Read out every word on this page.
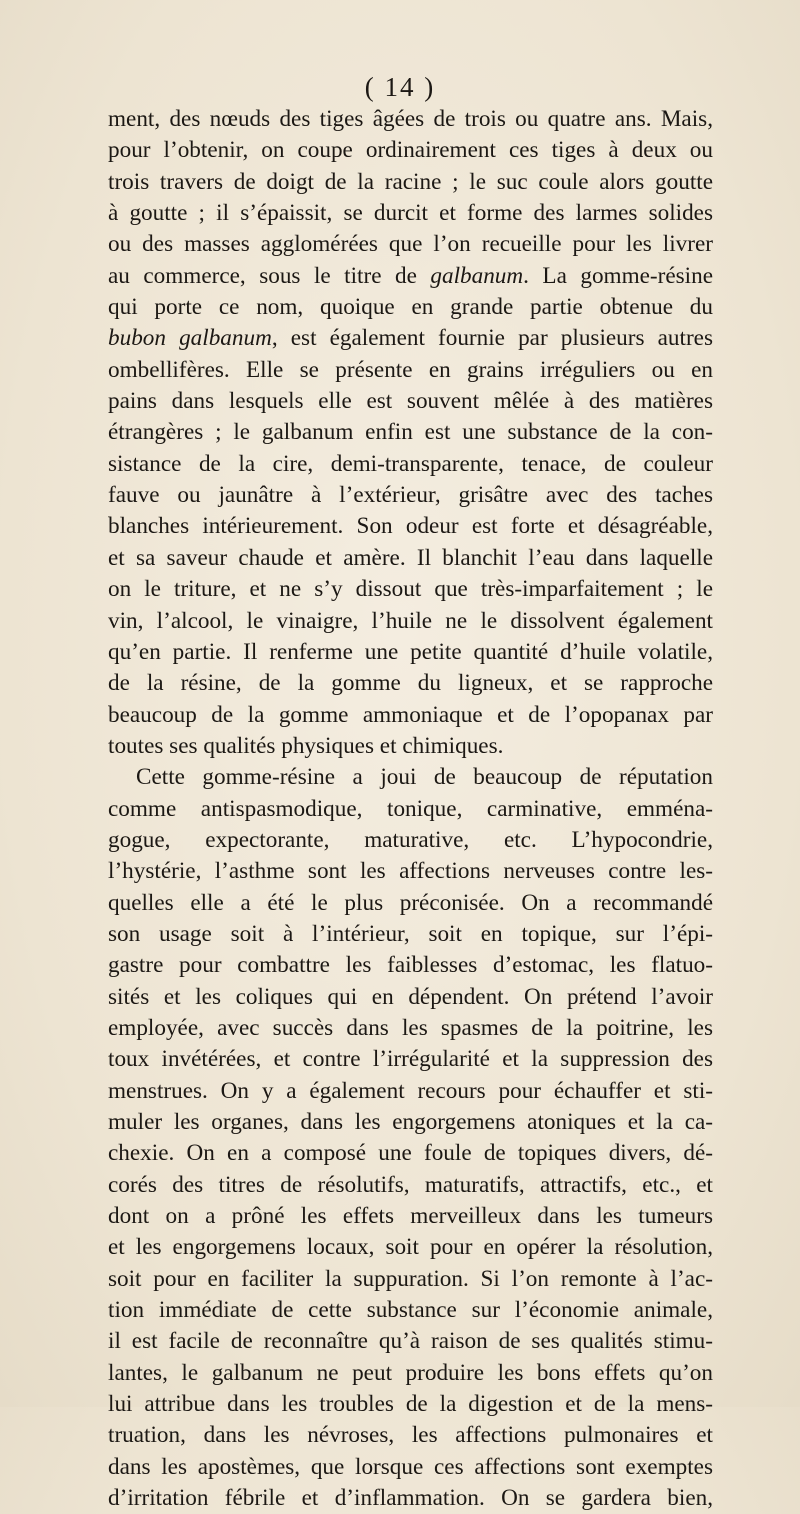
( 14 )
ment, des nœuds des tiges âgées de trois ou quatre ans. Mais,
pour l’obtenir, on coupe ordinairement ces tiges à deux ou
trois travers de doigt de la racine ; le suc coule alors goutte
à goutte ; il s’épaissit, se durcit et forme des larmes solides
ou des masses agglomérées que l’on recueille pour les livrer
au commerce, sous le titre de galbanum. La gomme-résine
qui porte ce nom, quoique en grande partie obtenue du
bubon galbanum, est également fournie par plusieurs autres
ombellifères. Elle se présente en grains irréguliers ou en
pains dans lesquels elle est souvent mêlée à des matières
étrangères ; le galbanum enfin est une substance de la con-
sistance de la cire, demi-transparente, tenace, de couleur
fauve ou jaunâtre à l’extérieur, grisâtre avec des taches
blanches intérieurement. Son odeur est forte et désagréable,
et sa saveur chaude et amère. Il blanchit l’eau dans laquelle
on le triture, et ne s’y dissout que très-imparfaitement ; le
vin, l’alcool, le vinaigre, l’huile ne le dissolvent également
qu’en partie. Il renferme une petite quantité d’huile volatile,
de la résine, de la gomme du ligneux, et se rapproche
beaucoup de la gomme ammoniaque et de l’opopanax par
toutes ses qualités physiques et chimiques.
Cette gomme-résine a joui de beaucoup de réputation
comme antispasmodique, tonique, carminative, emména-
gogue, expectorante, maturative, etc. L’hypocondrie,
l’hystérie, l’asthme sont les affections nerveuses contre les-
quelles elle a été le plus préconisée. On a recommandé
son usage soit à l’intérieur, soit en topique, sur l’épi-
gastre pour combattre les faiblesses d’estomac, les flatuo-
sités et les coliques qui en dépendent. On prétend l’avoir
employée, avec succès dans les spasmes de la poitrine, les
toux invétérées, et contre l’irrégularité et la suppression des
menstrues. On y a également recours pour échauffer et sti-
muler les organes, dans les engorgemens atoniques et la ca-
chexie. On en a composé une foule de topiques divers, dé-
corés des titres de résolutifs, maturatifs, attractifs, etc., et
dont on a prôné les effets merveilleux dans les tumeurs
et les engorgemens locaux, soit pour en opérer la résolution,
soit pour en faciliter la suppuration. Si l’on remonte à l’ac-
tion immédiate de cette substance sur l’économie animale,
il est facile de reconnaître qu’à raison de ses qualités stimu-
lantes, le galbanum ne peut produire les bons effets qu’on
lui attribue dans les troubles de la digestion et de la mens-
truation, dans les névroses, les affections pulmonaires et
dans les apostèmes, que lorsque ces affections sont exemptes
d’irritation fébrile et d’inflammation. On se gardera bien,
